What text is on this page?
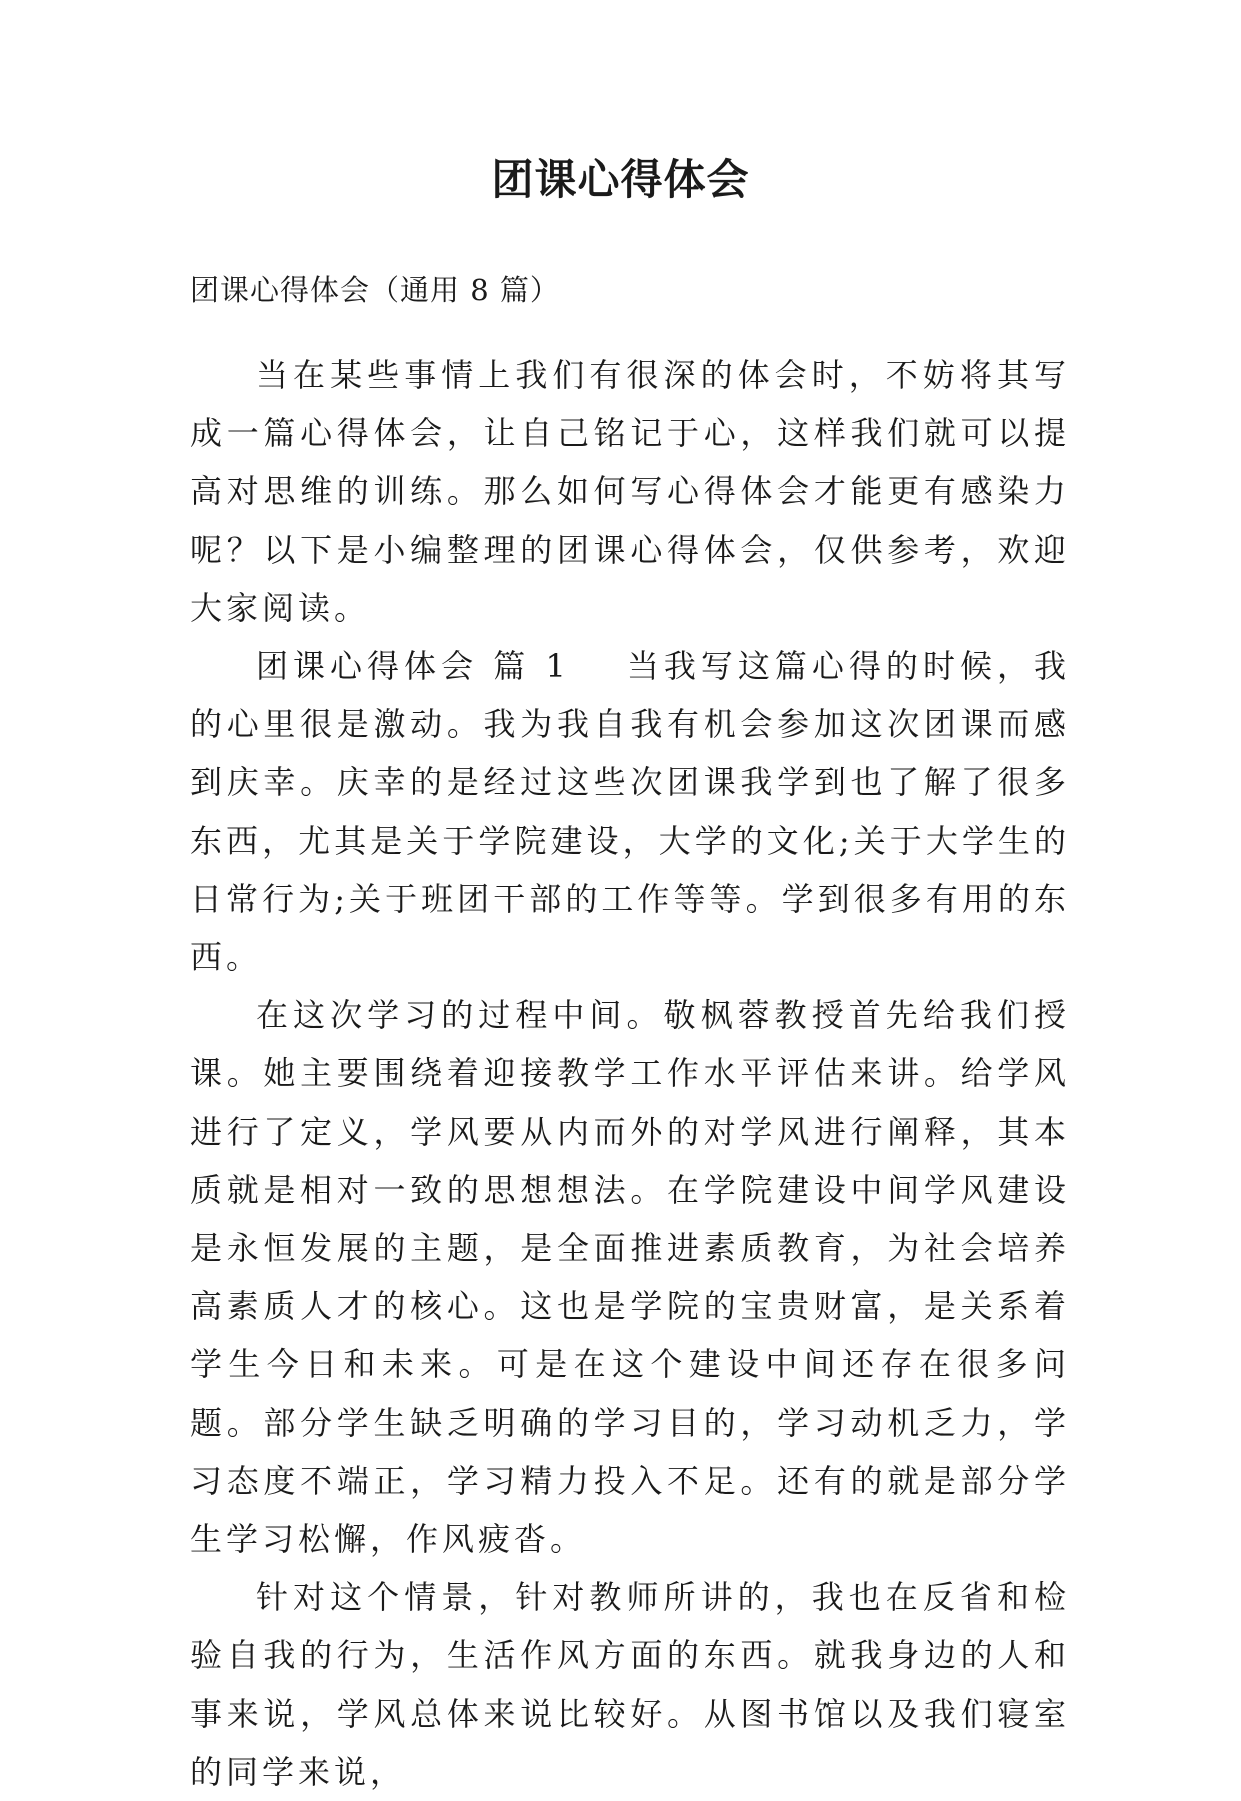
团课心得体会

团课心得体会（通用 8 篇）

当在某些事情上我们有很深的体会时，不妨将其写成一篇心得体会，让自己铭记于心，这样我们就可以提高对思维的训练。那么如何写心得体会才能更有感染力呢？以下是小编整理的团课心得体会，仅供参考，欢迎大家阅读。

团课心得体会 篇 1 当我写这篇心得的时候，我的心里很是激动。我为我自我有机会参加这次团课而感到庆幸。庆幸的是经过这些次团课我学到也了解了很多东西，尤其是关于学院建设，大学的文化;关于大学生的日常行为;关于班团干部的工作等等。学到很多有用的东西。

在这次学习的过程中间。敬枫蓉教授首先给我们授课。她主要围绕着迎接教学工作水平评估来讲。给学风进行了定义，学风要从内而外的对学风进行阐释，其本质就是相对一致的思想想法。在学院建设中间学风建设是永恒发展的主题，是全面推进素质教育，为社会培养高素质人才的核心。这也是学院的宝贵财富，是关系着学生今日和未来。可是在这个建设中间还存在很多问题。部分学生缺乏明确的学习目的，学习动机乏力，学习态度不端正，学习精力投入不足。还有的就是部分学生学习松懈，作风疲沓。

针对这个情景，针对教师所讲的，我也在反省和检验自我的行为，生活作风方面的东西。就我身边的人和事来说，学风总体来说比较好。从图书馆以及我们寝室的同学来说，
